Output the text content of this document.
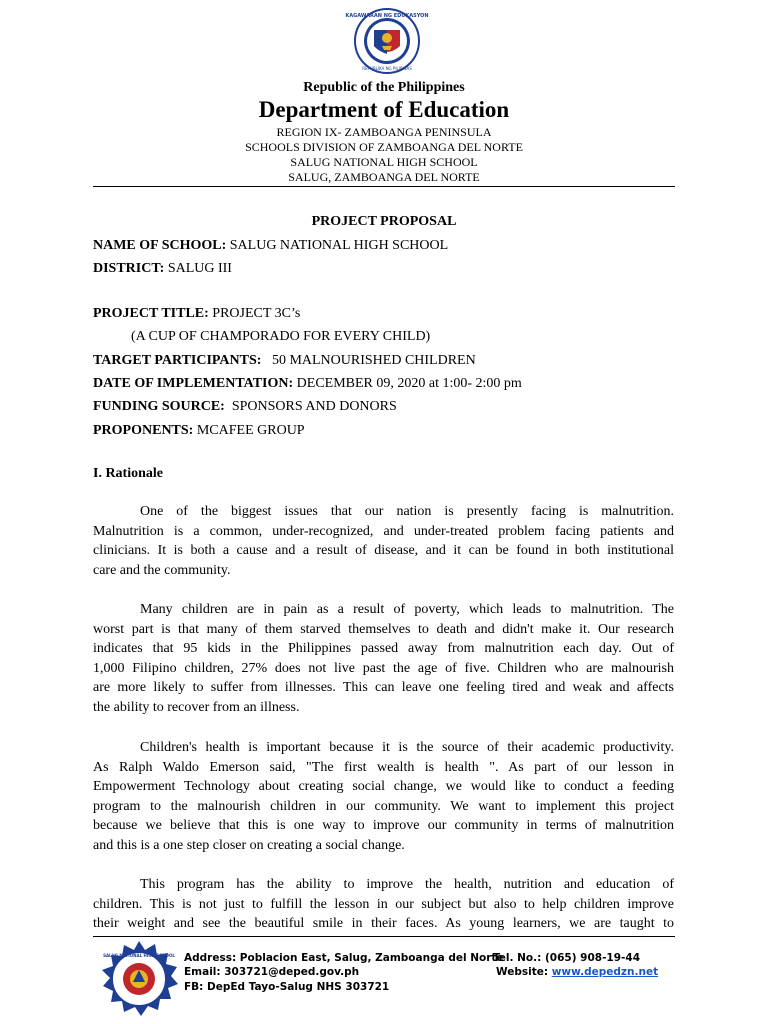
KAGAWARAN NG EDUKASYON
REPUBLIKA NG PILIPINAS
Republic of the Philippines
Department of Education
REGION IX- ZAMBOANGA PENINSULA
SCHOOLS DIVISION OF ZAMBOANGA DEL NORTE
SALUG NATIONAL HIGH SCHOOL
SALUG, ZAMBOANGA DEL NORTE
PROJECT PROPOSAL
NAME OF SCHOOL: SALUG NATIONAL HIGH SCHOOL
DISTRICT: SALUG III
PROJECT TITLE: PROJECT 3C’s
(A CUP OF CHAMPORADO FOR EVERY CHILD)
TARGET PARTICIPANTS:   50 MALNOURISHED CHILDREN
DATE OF IMPLEMENTATION: DECEMBER 09, 2020 at 1:00- 2:00 pm
FUNDING SOURCE:  SPONSORS AND DONORS
PROPONENTS: MCAFEE GROUP
I. Rationale
One of the biggest issues that our nation is presently facing is malnutrition.
Malnutrition is a common, under-recognized, and under-treated problem facing patients and
clinicians. It is both a cause and a result of disease, and it can be found in both institutional
care and the community.
Many children are in pain as a result of poverty, which leads to malnutrition. The
worst part is that many of them starved themselves to death and didn't make it. Our research
indicates that 95 kids in the Philippines passed away from malnutrition each day. Out of
1,000 Filipino children, 27% does not live past the age of five. Children who are malnourish
are more likely to suffer from illnesses. This can leave one feeling tired and weak and affects
the ability to recover from an illness.
Children's health is important because it is the source of their academic productivity.
As Ralph Waldo Emerson said, "The first wealth is health ". As part of our lesson in
Empowerment Technology about creating social change, we would like to conduct a feeding
program to the malnourish children in our community. We want to implement this project
because we believe that this is one way to improve our community in terms of malnutrition
and this is a one step closer on creating a social change.
This program has the ability to improve the health, nutrition and education of
children. This is not just to fulfill the lesson in our subject but also to help children improve
their weight and see the beautiful smile in their faces. As young learners, we are taught to
SALUG NATIONAL HIGH SCHOOL Address: Poblacion East, Salug, Zamboanga del Norte
Tel. No.: (065) 908-19-44
Email: 303721@deped.gov.ph	Website: www.depedzn.net
FB: DepEd Tayo-Salug NHS 303721
